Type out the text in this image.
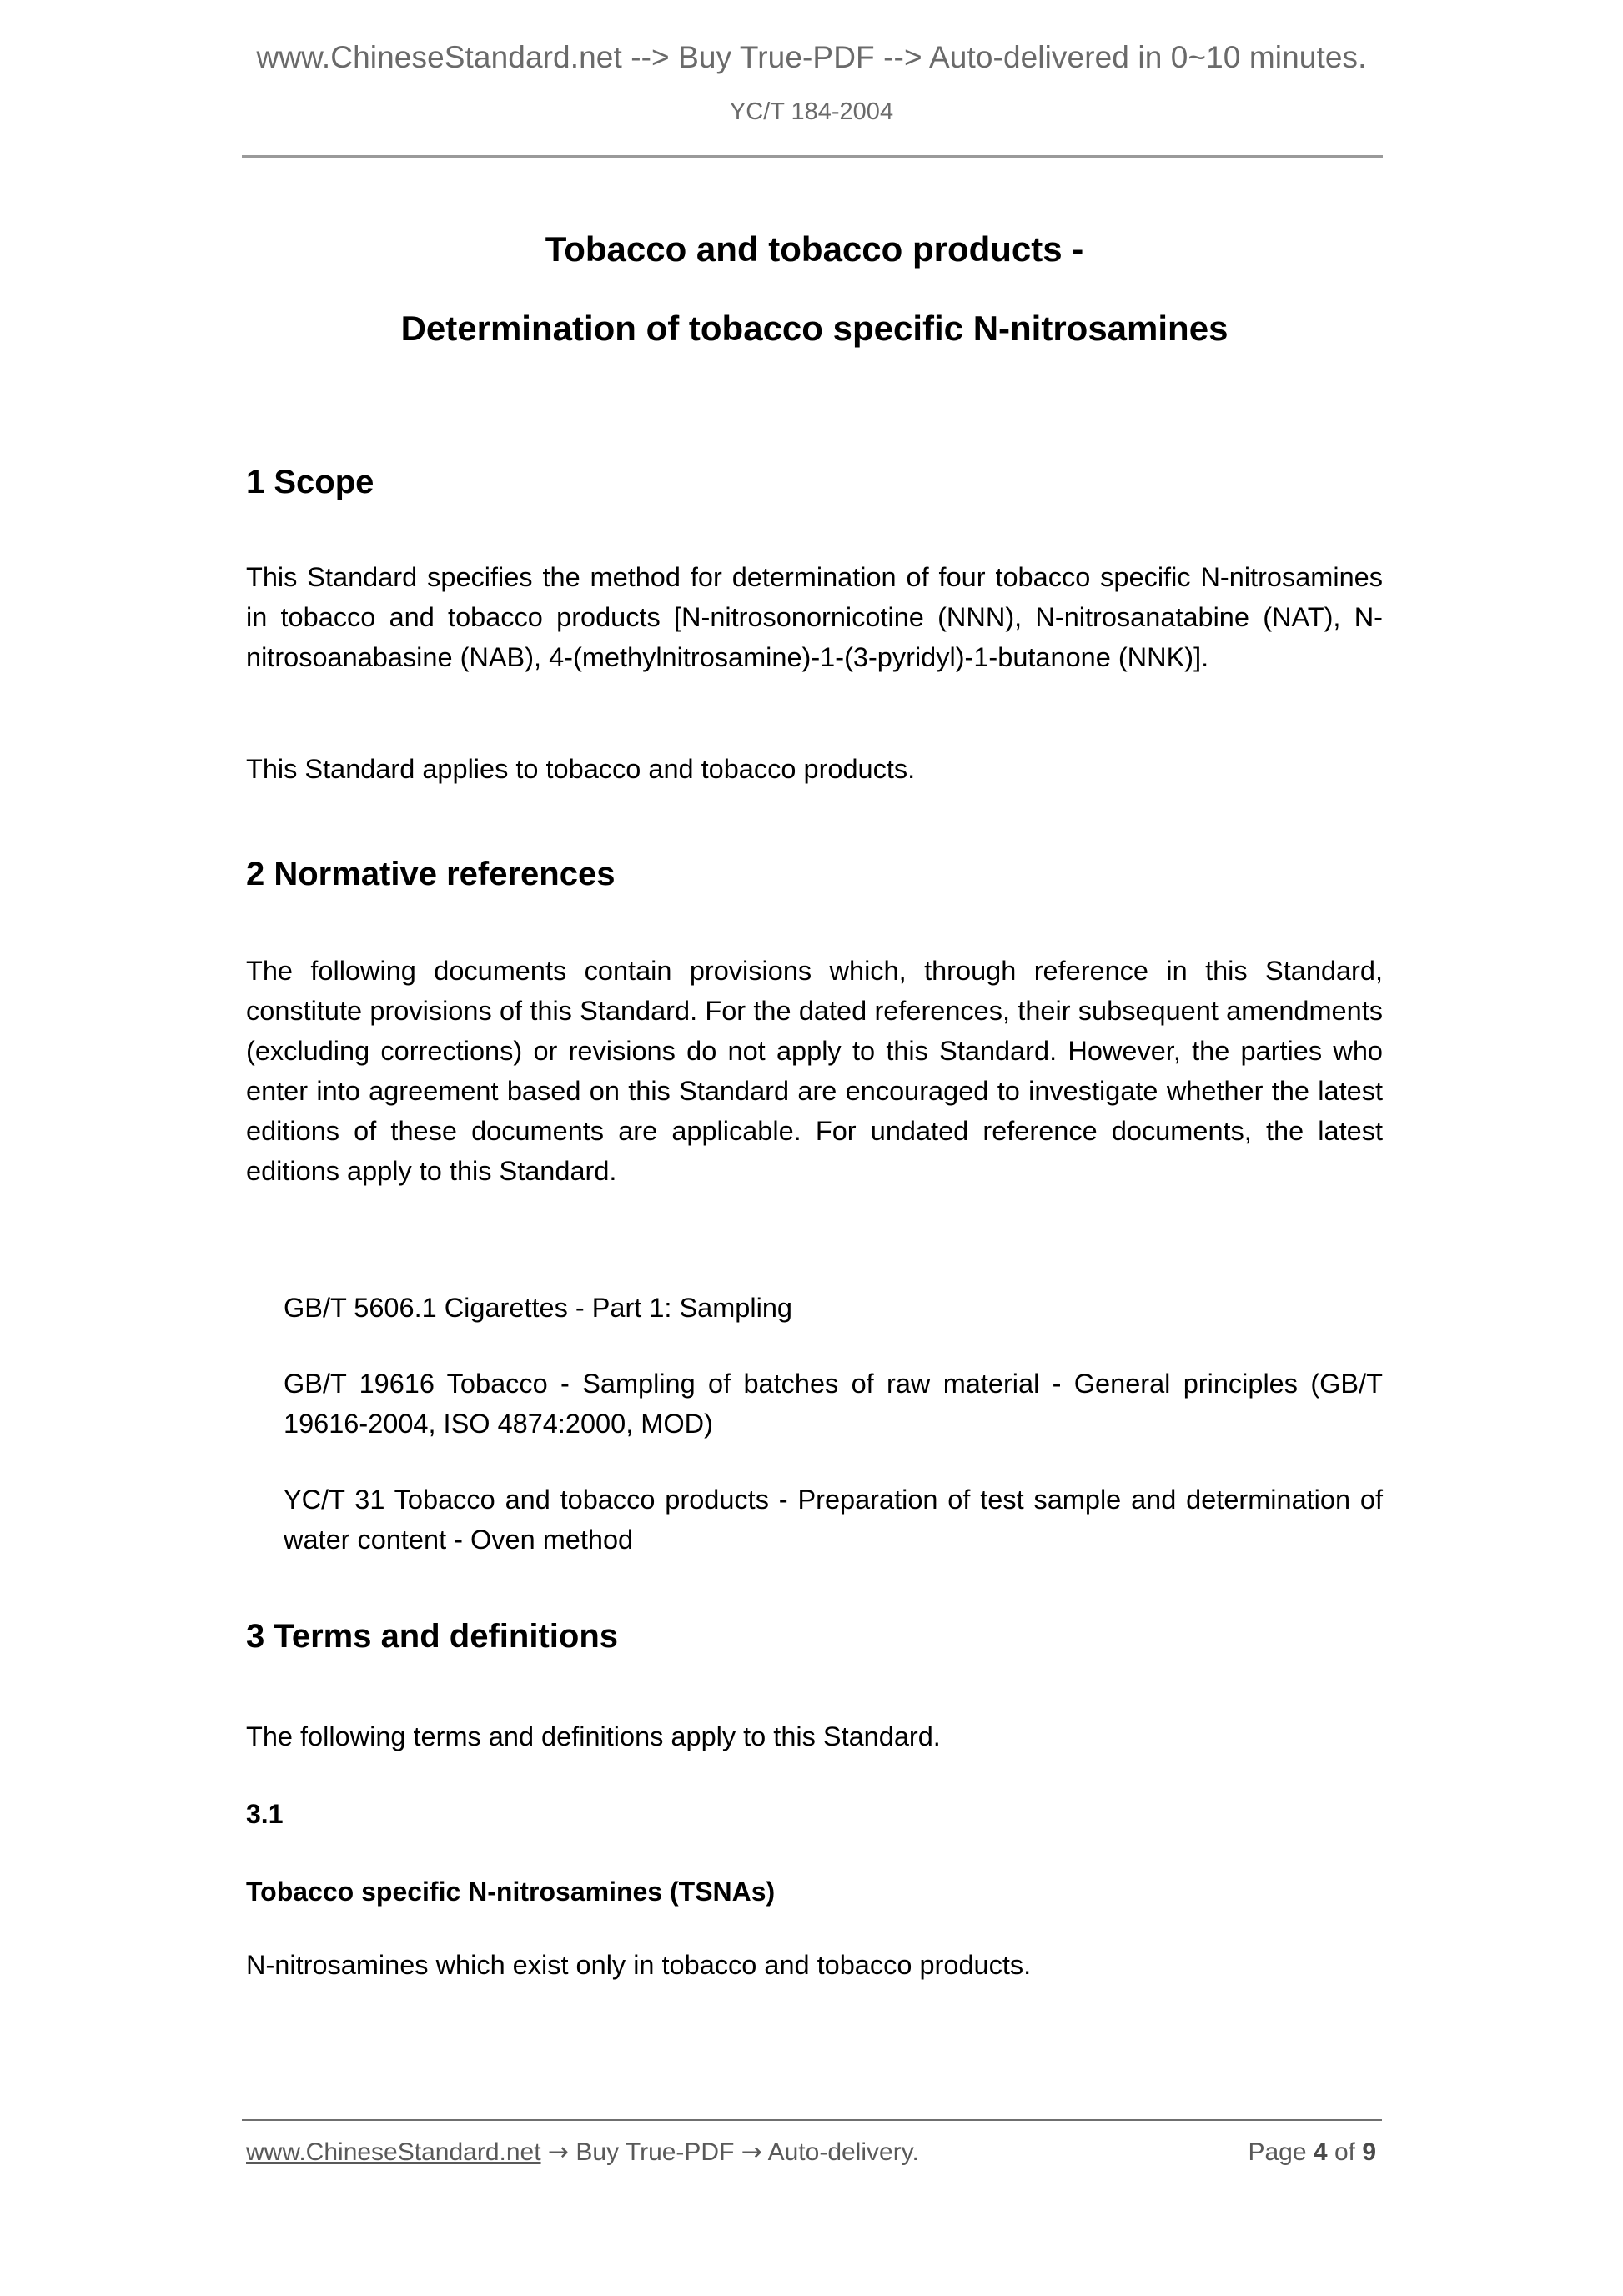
www.ChineseStandard.net --> Buy True-PDF --> Auto-delivered in 0~10 minutes.
YC/T 184-2004
Tobacco and tobacco products -
Determination of tobacco specific N-nitrosamines
1 Scope

This Standard specifies the method for determination of four tobacco specific N-nitrosamines in tobacco and tobacco products [N-nitrosonornicotine (NNN), N-nitrosanatabine (NAT), N-nitrosoanabasine (NAB), 4-(methylnitrosamine)-1-(3-pyridyl)-1-butanone (NNK)].

This Standard applies to tobacco and tobacco products.

2 Normative references

The following documents contain provisions which, through reference in this Standard, constitute provisions of this Standard. For the dated references, their subsequent amendments (excluding corrections) or revisions do not apply to this Standard. However, the parties who enter into agreement based on this Standard are encouraged to investigate whether the latest editions of these documents are applicable. For undated reference documents, the latest editions apply to this Standard.

GB/T 5606.1 Cigarettes - Part 1: Sampling

GB/T 19616 Tobacco - Sampling of batches of raw material - General principles (GB/T 19616-2004, ISO 4874:2000, MOD)

YC/T 31 Tobacco and tobacco products - Preparation of test sample and determination of water content - Oven method

3 Terms and definitions

The following terms and definitions apply to this Standard.

3.1

Tobacco specific N-nitrosamines (TSNAs)

N-nitrosamines which exist only in tobacco and tobacco products.

www.ChineseStandard.net → Buy True-PDF → Auto-delivery.	Page 4 of 9
